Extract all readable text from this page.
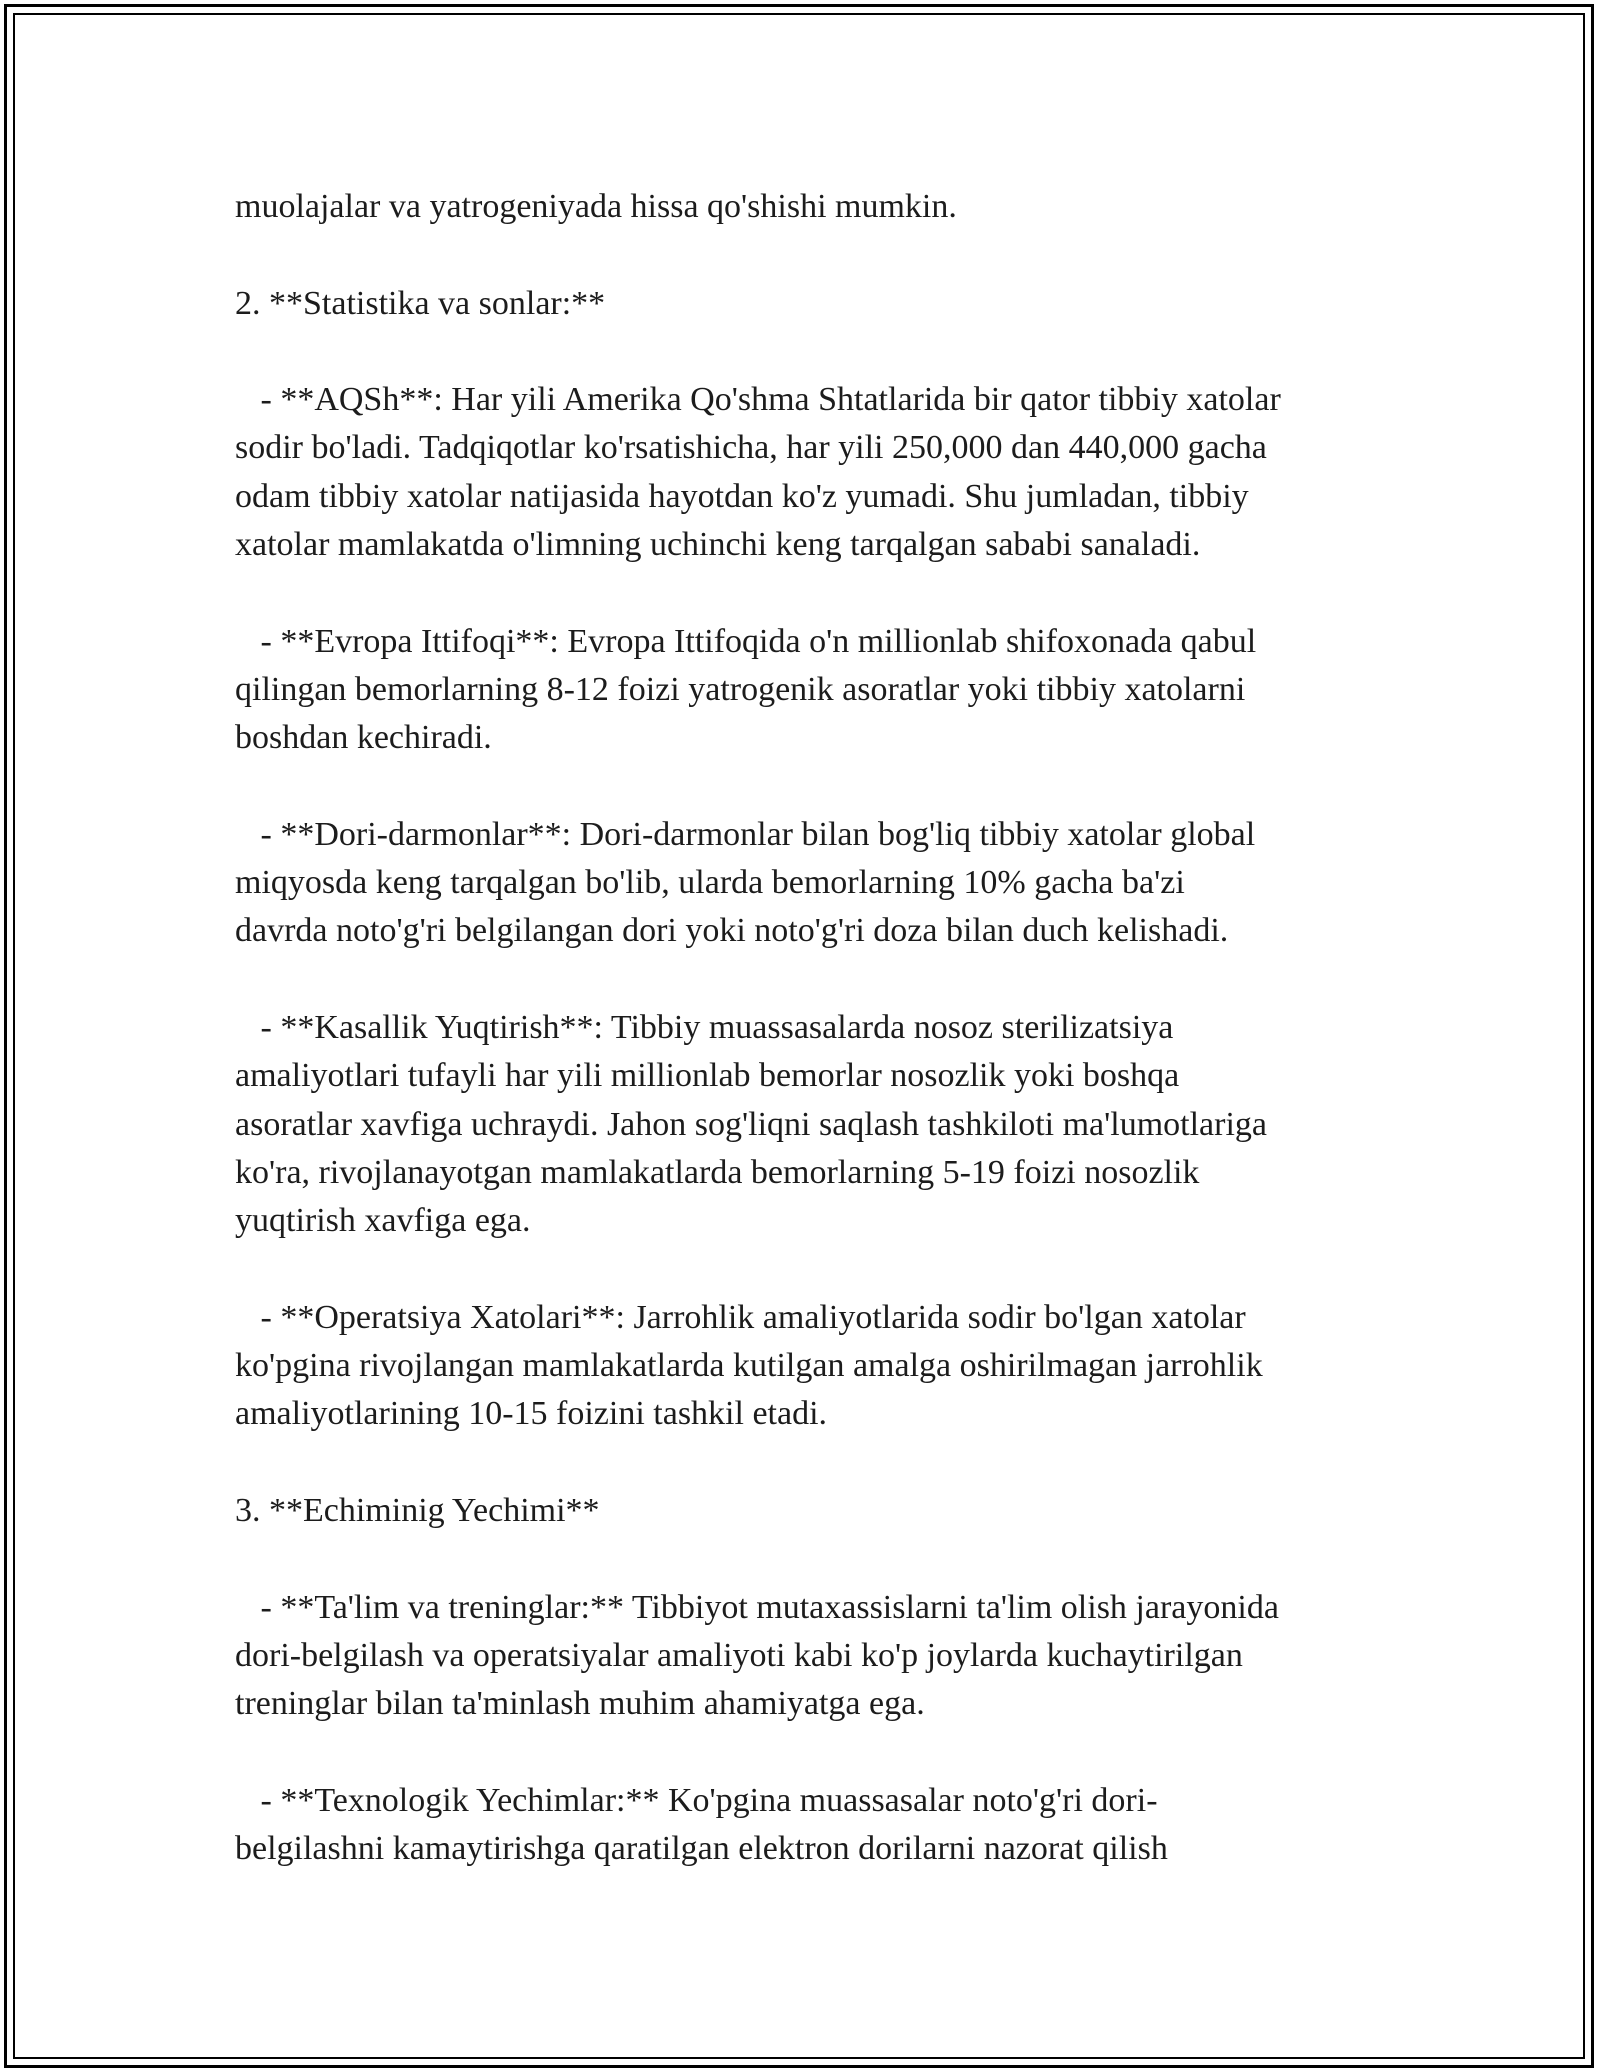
muolajalar va yatrogeniyada hissa qo'shishi mumkin.

2. **Statistika va sonlar:**

- **AQSh**: Har yili Amerika Qo'shma Shtatlarida bir qator tibbiy xatolar
sodir bo'ladi. Tadqiqotlar ko'rsatishicha, har yili 250,000 dan 440,000 gacha
odam tibbiy xatolar natijasida hayotdan ko'z yumadi. Shu jumladan, tibbiy
xatolar mamlakatda o'limning uchinchi keng tarqalgan sababi sanaladi.

- **Evropa Ittifoqi**: Evropa Ittifoqida o'n millionlab shifoxonada qabul
qilingan bemorlarning 8-12 foizi yatrogenik asoratlar yoki tibbiy xatolarni
boshdan kechiradi.

- **Dori-darmonlar**: Dori-darmonlar bilan bog'liq tibbiy xatolar global
miqyosda keng tarqalgan bo'lib, ularda bemorlarning 10% gacha ba'zi
davrda noto'g'ri belgilangan dori yoki noto'g'ri doza bilan duch kelishadi.

- **Kasallik Yuqtirish**: Tibbiy muassasalarda nosoz sterilizatsiya
amaliyotlari tufayli har yili millionlab bemorlar nosozlik yoki boshqa
asoratlar xavfiga uchraydi. Jahon sog'liqni saqlash tashkiloti ma'lumotlariga
ko'ra, rivojlanayotgan mamlakatlarda bemorlarning 5-19 foizi nosozlik
yuqtirish xavfiga ega.

- **Operatsiya Xatolari**: Jarrohlik amaliyotlarida sodir bo'lgan xatolar
ko'pgina rivojlangan mamlakatlarda kutilgan amalga oshirilmagan jarrohlik
amaliyotlarining 10-15 foizini tashkil etadi.

3. **Echiminig Yechimi**

- **Ta'lim va treninglar:** Tibbiyot mutaxassislarni ta'lim olish jarayonida
dori-belgilash va operatsiyalar amaliyoti kabi ko'p joylarda kuchaytirilgan
treninglar bilan ta'minlash muhim ahamiyatga ega.

- **Texnologik Yechimlar:** Ko'pgina muassasalar noto'g'ri dori-
belgilashni kamaytirishga qaratilgan elektron dorilarni nazorat qilish
